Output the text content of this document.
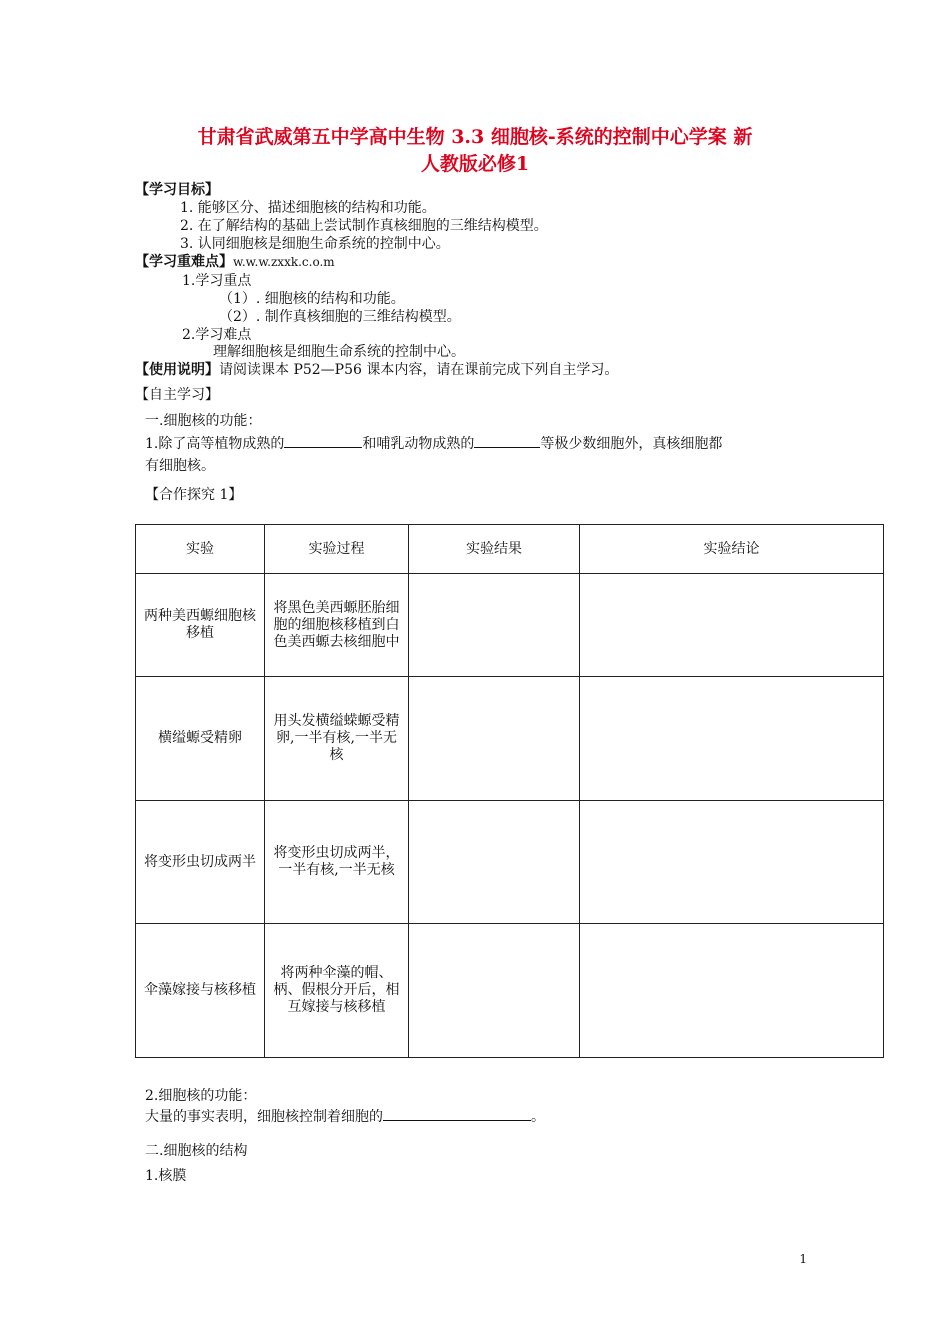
甘肃省武威第五中学高中生物 3.3 细胞核-系统的控制中心学案 新
人教版必修1
【学习目标】
1. 能够区分、描述细胞核的结构和功能。
2. 在了解结构的基础上尝试制作真核细胞的三维结构模型。
3. 认同细胞核是细胞生命系统的控制中心。
【学习重难点】w.w.w.zxxk.c.o.m
1.学习重点
（1）. 细胞核的结构和功能。
（2）. 制作真核细胞的三维结构模型。
2.学习难点
理解细胞核是细胞生命系统的控制中心。
【使用说明】请阅读课本 P52—P56 课本内容，请在课前完成下列自主学习。
【自主学习】
一.细胞核的功能：
1.除了高等植物成熟的	和哺乳动物成熟的	等极少数细胞外，真核细胞都
有细胞核。
【合作探究 1】
实验	实验过程	实验结果	实验结论
两种美西螈细胞核移植	将黑色美西螈胚胎细胞的细胞核移植到白色美西螈去核细胞中		
横缢螈受精卵	用头发横缢蝾螈受精卵,一半有核,一半无核		
将变形虫切成两半	将变形虫切成两半，一半有核,一半无核		
伞藻嫁接与核移植	将两种伞藻的帽、柄、假根分开后，相互嫁接与核移植		
2.细胞核的功能：
大量的事实表明，细胞核控制着细胞的	。
二.细胞核的结构
1.核膜
1
